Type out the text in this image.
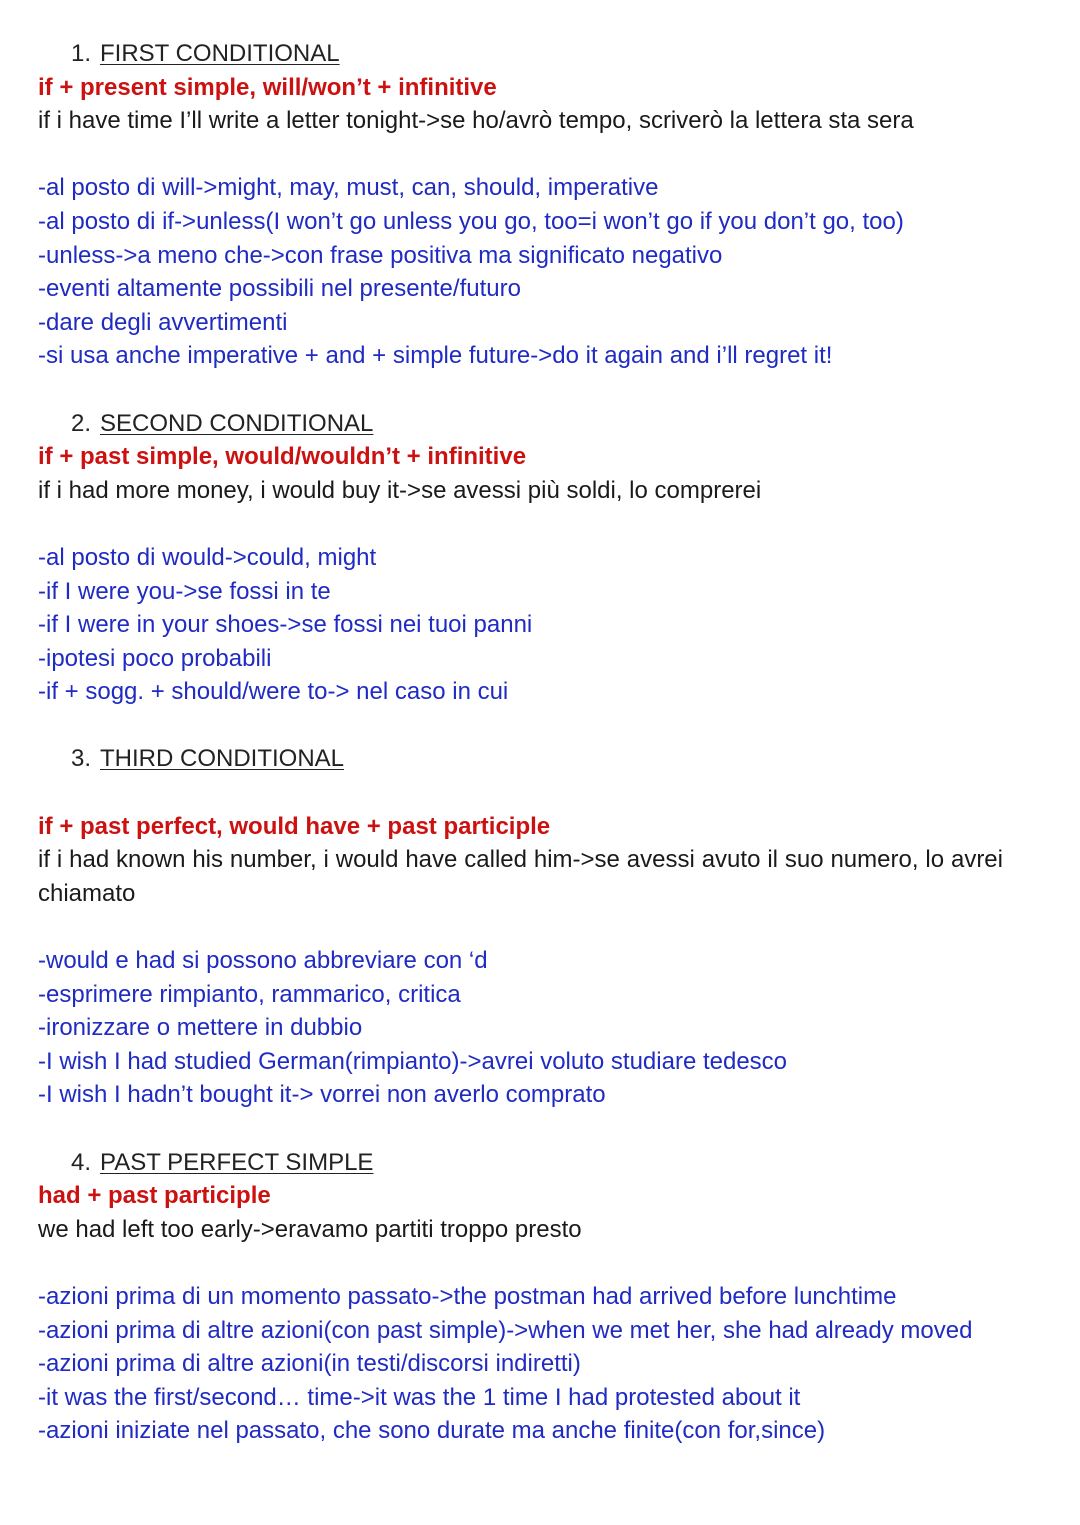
1. FIRST CONDITIONAL
if + present simple, will/won’t + infinitive
if i have time I’ll write a letter tonight->se ho/avrò tempo, scriverò la lettera sta sera
-al posto di will->might, may, must, can, should, imperative
-al posto di if->unless(I won’t go unless you go, too=i won’t go if you don’t go, too)
-unless->a meno che->con frase positiva ma significato negativo
-eventi altamente possibili nel presente/futuro
-dare degli avvertimenti
-si usa anche imperative + and + simple future->do it again and i’ll regret it!
2. SECOND CONDITIONAL
if + past simple, would/wouldn’t + infinitive
if i had more money, i would buy it->se avessi più soldi, lo comprerei
-al posto di would->could, might
-if I were you->se fossi in te
-if I were in your shoes->se fossi nei tuoi panni
-ipotesi poco probabili
-if + sogg. + should/were to-> nel caso in cui
3. THIRD CONDITIONAL
if + past perfect, would have + past participle
if i had known his number, i would have called him->se avessi avuto il suo numero, lo avrei chiamato
-would e had si possono abbreviare con ‘d
-esprimere rimpianto, rammarico, critica
-ironizzare o mettere in dubbio
-I wish I had studied German(rimpianto)->avrei voluto studiare tedesco
-I wish I hadn’t bought it-> vorrei non averlo comprato
4. PAST PERFECT SIMPLE
had + past participle
we had left too early->eravamo partiti troppo presto
-azioni prima di un momento passato->the postman had arrived before lunchtime
-azioni prima di altre azioni(con past simple)->when we met her, she had already moved
-azioni prima di altre azioni(in testi/discorsi indiretti)
-it was the first/second… time->it was the 1 time I had protested about it
-azioni iniziate nel passato, che sono durate ma anche finite(con for,since)
